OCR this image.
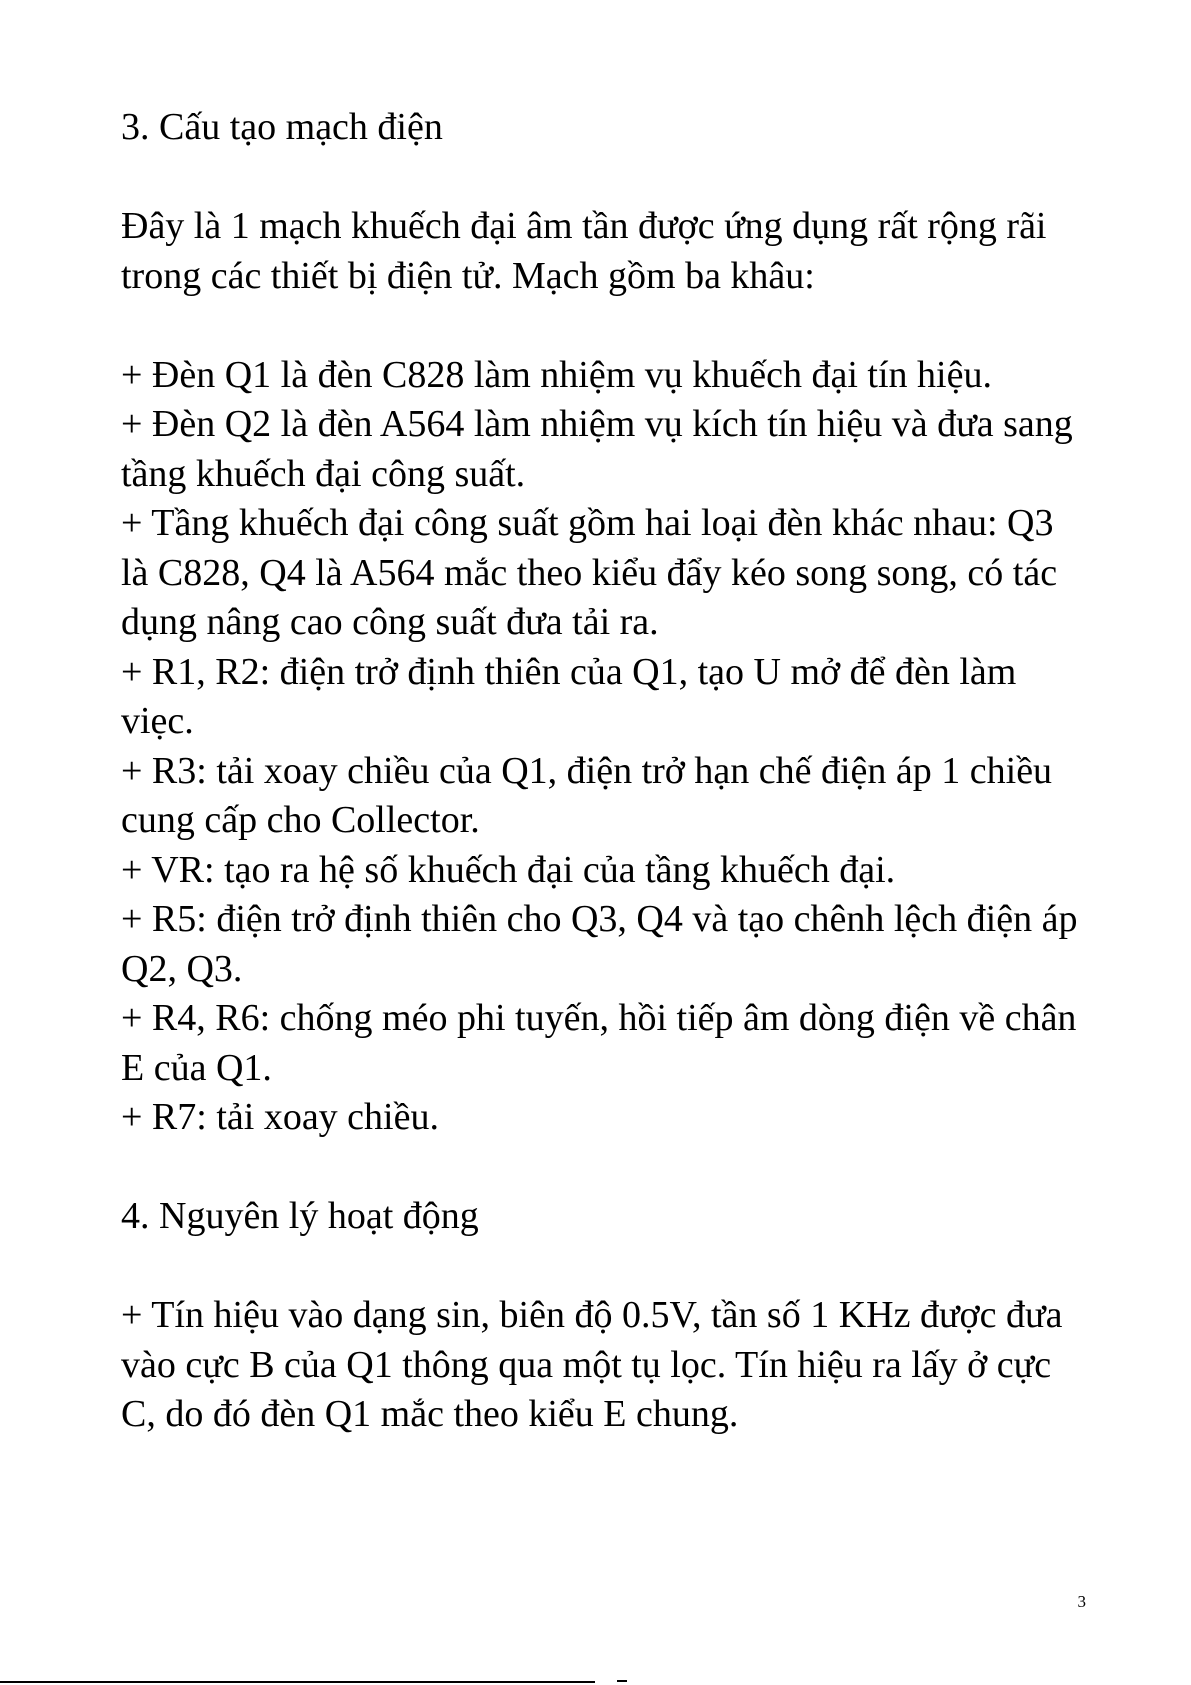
3. Cấu tạo mạch điện

Đây là 1 mạch khuếch đại âm tần được ứng dụng rất rộng rãi trong các thiết bị điện tử. Mạch gồm ba khâu:

+ Đèn Q1 là đèn C828 làm nhiệm vụ khuếch đại tín hiệu.

+ Đèn Q2 là đèn A564 làm nhiệm vụ kích tín hiệu và đưa sang tầng khuếch đại công suất.

+ Tầng khuếch đại công suất gồm hai loại đèn khác nhau: Q3 là C828, Q4 là A564 mắc theo kiểu đẩy kéo song song, có tác dụng nâng cao công suất đưa tải ra.

+ R1, R2: điện trở định thiên của Q1, tạo U mở để đèn làm viẹc.

+ R3: tải xoay chiều của Q1, điện trở hạn chế điện áp 1 chiều cung cấp cho Collector.

+ VR: tạo ra hệ số khuếch đại của tầng khuếch đại.

+ R5: điện trở định thiên cho Q3, Q4 và tạo chênh lệch điện áp Q2, Q3.

+ R4, R6: chống méo phi tuyến, hồi tiếp âm dòng điện về chân E của Q1.

+ R7: tải xoay chiều.

4. Nguyên lý hoạt động

+ Tín hiệu vào dạng sin, biên độ 0.5V, tần số 1 KHz được đưa vào cực B của Q1 thông qua một tụ lọc. Tín hiệu ra lấy ở cực C, do đó đèn Q1 mắc theo kiểu E chung.

3
